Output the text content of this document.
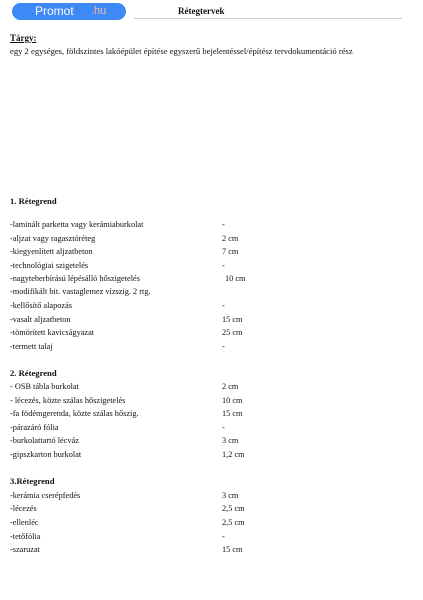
Promot .hu	Rétegtervek
Tárgy:
egy 2 egységes, földszintes lakóépület építése egyszerű bejelentéssel/építész tervdokumentáció rész
1. Rétegrend
-laminált parketta vagy kerámiaburkolat	-
-aljzat vagy ragasztóréteg	2 cm
-kiegyenlített aljzatbeton	7 cm
-technológiai szigetelés	-
-nagyteherbírású lépésálló hőszigetelés	10 cm
-modifikált bit. vastaglemez vízszig. 2 rtg.
-kellősítő alapozás	-
-vasalt aljzatbeton	15 cm
-tömörített kavicságyazat	25 cm
-termett talaj	-
2. Rétegrend
- OSB tábla burkolat	2 cm
- lécezés, közte szálas hőszigetelés	10 cm
-fa födémgerenda, közte szálas hőszig.	15 cm
-párazáró fólia	-
-burkolattartó lécváz	3 cm
-gipszkarton burkolat	1,2 cm
3.Rétegrend
-kerámia cserépfedés	3 cm
-lécezés	2,5 cm
-ellenléc	2,5 cm
-tetőfólia	-
-szaruzat	15 cm
